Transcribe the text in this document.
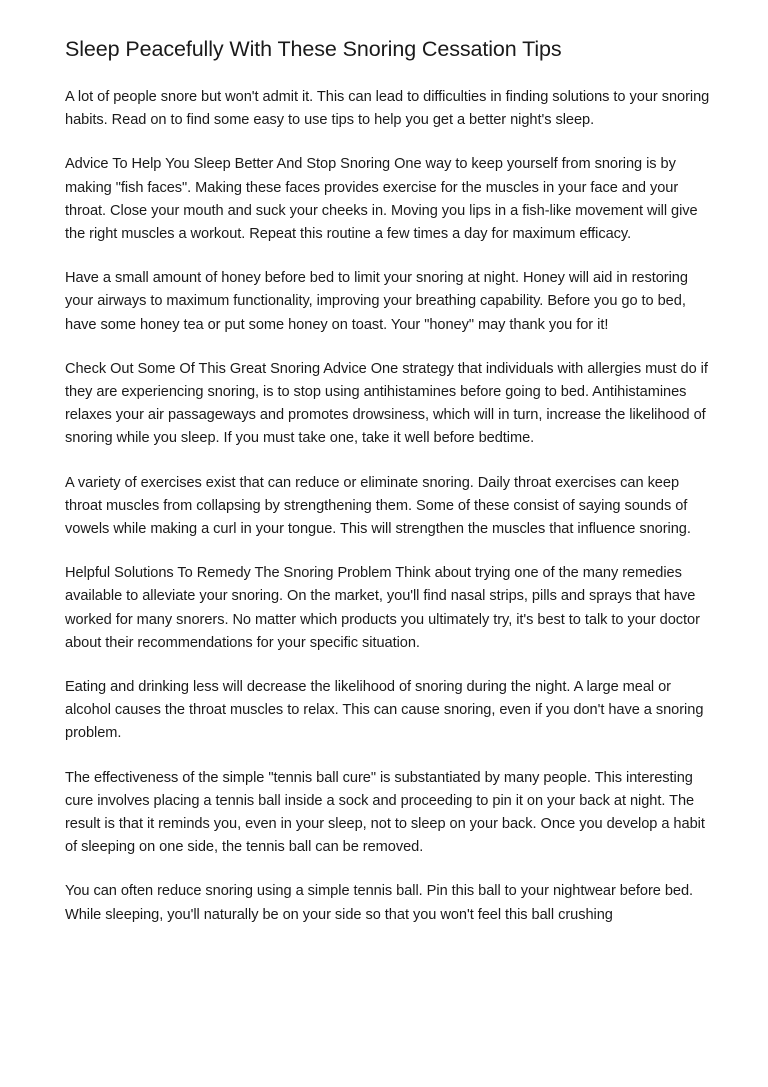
Sleep Peacefully With These Snoring Cessation Tips

A lot of people snore but won't admit it. This can lead to difficulties in finding solutions to your snoring habits. Read on to find some easy to use tips to help you get a better night's sleep.

Advice To Help You Sleep Better And Stop Snoring One way to keep yourself from snoring is by making "fish faces". Making these faces provides exercise for the muscles in your face and your throat. Close your mouth and suck your cheeks in. Moving you lips in a fish-like movement will give the right muscles a workout. Repeat this routine a few times a day for maximum efficacy.

Have a small amount of honey before bed to limit your snoring at night. Honey will aid in restoring your airways to maximum functionality, improving your breathing capability. Before you go to bed, have some honey tea or put some honey on toast. Your "honey" may thank you for it!

Check Out Some Of This Great Snoring Advice One strategy that individuals with allergies must do if they are experiencing snoring, is to stop using antihistamines before going to bed. Antihistamines relaxes your air passageways and promotes drowsiness, which will in turn, increase the likelihood of snoring while you sleep. If you must take one, take it well before bedtime.

A variety of exercises exist that can reduce or eliminate snoring. Daily throat exercises can keep throat muscles from collapsing by strengthening them. Some of these consist of saying sounds of vowels while making a curl in your tongue. This will strengthen the muscles that influence snoring.

Helpful Solutions To Remedy The Snoring Problem Think about trying one of the many remedies available to alleviate your snoring. On the market, you'll find nasal strips, pills and sprays that have worked for many snorers. No matter which products you ultimately try, it's best to talk to your doctor about their recommendations for your specific situation.

Eating and drinking less will decrease the likelihood of snoring during the night. A large meal or alcohol causes the throat muscles to relax. This can cause snoring, even if you don't have a snoring problem.

The effectiveness of the simple "tennis ball cure" is substantiated by many people. This interesting cure involves placing a tennis ball inside a sock and proceeding to pin it on your back at night. The result is that it reminds you, even in your sleep, not to sleep on your back. Once you develop a habit of sleeping on one side, the tennis ball can be removed.

You can often reduce snoring using a simple tennis ball. Pin this ball to your nightwear before bed. While sleeping, you'll naturally be on your side so that you won't feel this ball crushing
